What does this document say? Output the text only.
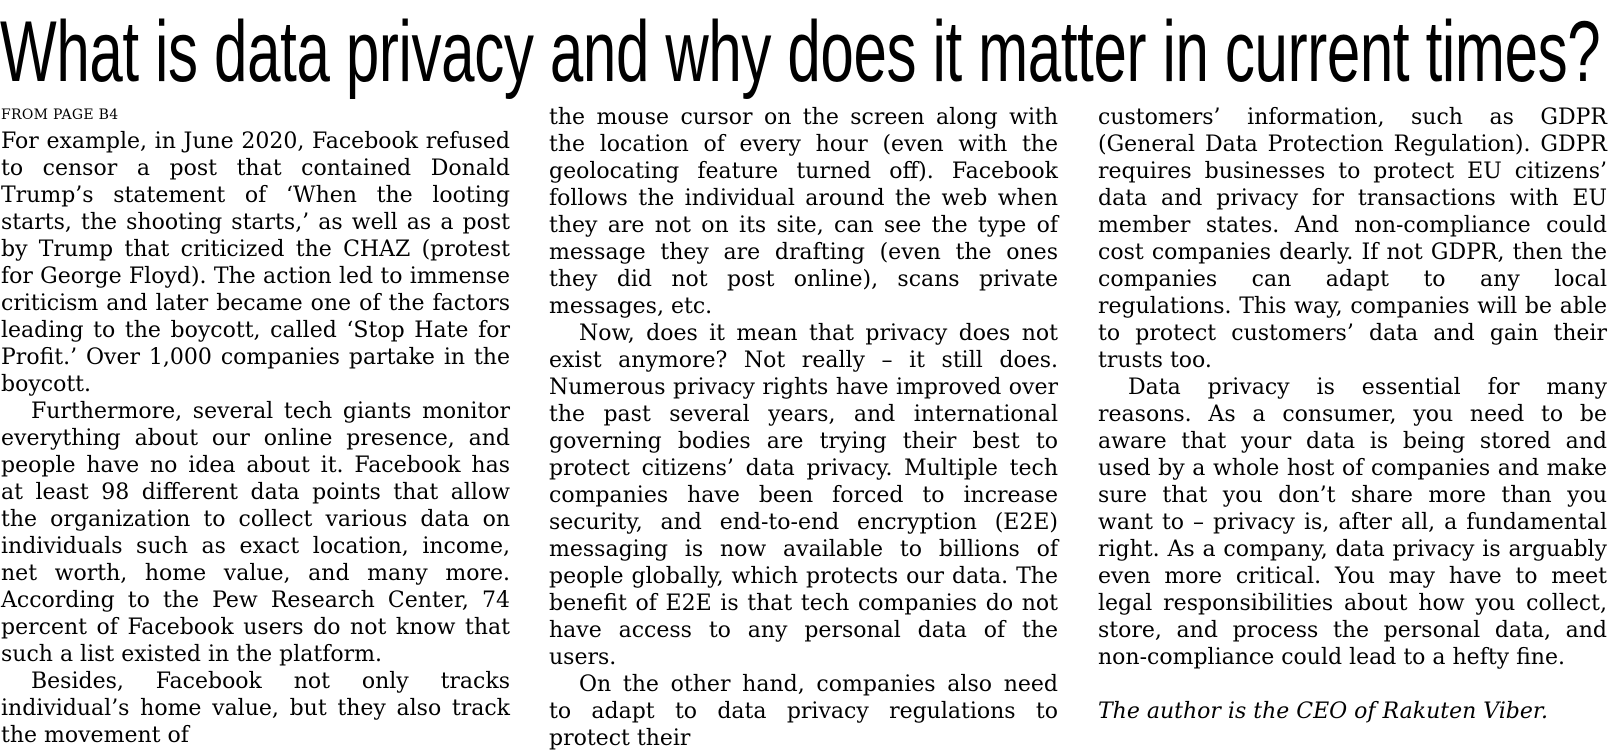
What is data privacy and why does it matter in current times?
FROM PAGE B4

For example, in June 2020, Facebook refused to censor a post that contained Donald Trump’s statement of ‘When the looting starts, the shooting starts,’ as well as a post by Trump that criticized the CHAZ (protest for George Floyd). The action led to immense criticism and later became one of the factors leading to the boycott, called ‘Stop Hate for Profit.’ Over 1,000 companies partake in the boycott.

Furthermore, several tech giants monitor everything about our online presence, and people have no idea about it. Facebook has at least 98 different data points that allow the organization to collect various data on individuals such as exact location, income, net worth, home value, and many more. According to the Pew Research Center, 74 percent of Facebook users do not know that such a list existed in the platform.

Besides, Facebook not only tracks individual’s home value, but they also track the movement of

the mouse cursor on the screen along with the location of every hour (even with the geolocating feature turned off). Facebook follows the individual around the web when they are not on its site, can see the type of message they are drafting (even the ones they did not post online), scans private messages, etc.

Now, does it mean that privacy does not exist anymore? Not really – it still does. Numerous privacy rights have improved over the past several years, and international governing bodies are trying their best to protect citizens’ data privacy. Multiple tech companies have been forced to increase security, and end-to-end encryption (E2E) messaging is now available to billions of people globally, which protects our data. The benefit of E2E is that tech companies do not have access to any personal data of the users.

On the other hand, companies also need to adapt to data privacy regulations to protect their

customers’ information, such as GDPR (General Data Protection Regulation). GDPR requires businesses to protect EU citizens’ data and privacy for transactions with EU member states. And non-compliance could cost companies dearly. If not GDPR, then the companies can adapt to any local regulations. This way, companies will be able to protect customers’ data and gain their trusts too.

Data privacy is essential for many reasons. As a consumer, you need to be aware that your data is being stored and used by a whole host of companies and make sure that you don’t share more than you want to – privacy is, after all, a fundamental right. As a company, data privacy is arguably even more critical. You may have to meet legal responsibilities about how you collect, store, and process the personal data, and non-compliance could lead to a hefty fine.

The author is the CEO of Rakuten Viber.
